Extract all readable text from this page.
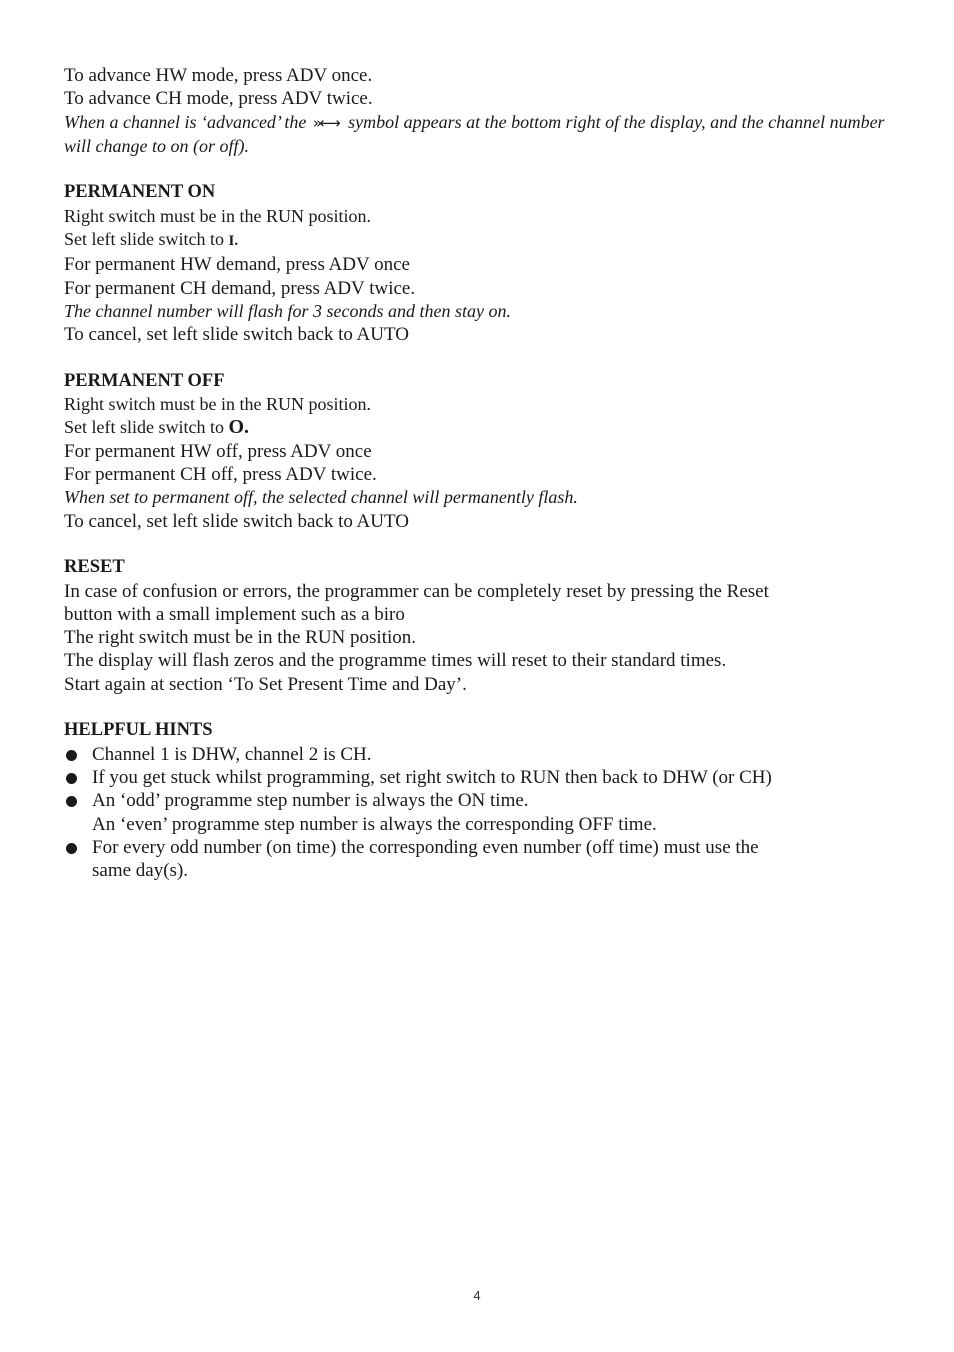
To advance HW mode, press ADV once.
To advance CH mode, press ADV twice.
When a channel is ‘advanced’ the »⟷ symbol appears at the bottom right of the display, and the channel number will change to on (or off).
PERMANENT ON
Right switch must be in the RUN position.
Set left slide switch to I.
For permanent HW demand, press ADV once
For permanent CH demand, press ADV twice.
The channel number will flash for 3 seconds and then stay on.
To cancel, set left slide switch back to AUTO
PERMANENT OFF
Right switch must be in the RUN position.
Set left slide switch to O.
For permanent HW off, press ADV once
For permanent CH off, press ADV twice.
When set to permanent off, the selected channel will permanently flash.
To cancel, set left slide switch back to AUTO
RESET
In case of confusion or errors, the programmer can be completely reset by pressing the Reset
button with a small implement such as a biro
The right switch must be in the RUN position.
The display will flash zeros and the programme times will reset to their standard times.
Start again at section ‘To Set Present Time and Day’.
HELPFUL HINTS
Channel 1 is DHW, channel 2 is CH.
If you get stuck whilst programming, set right switch to RUN then back to DHW (or CH)
An ‘odd’ programme step number is always the ON time.
An ‘even’ programme step number is always the corresponding OFF time.
For every odd number (on time) the corresponding even number (off time) must use the
same day(s).
4
